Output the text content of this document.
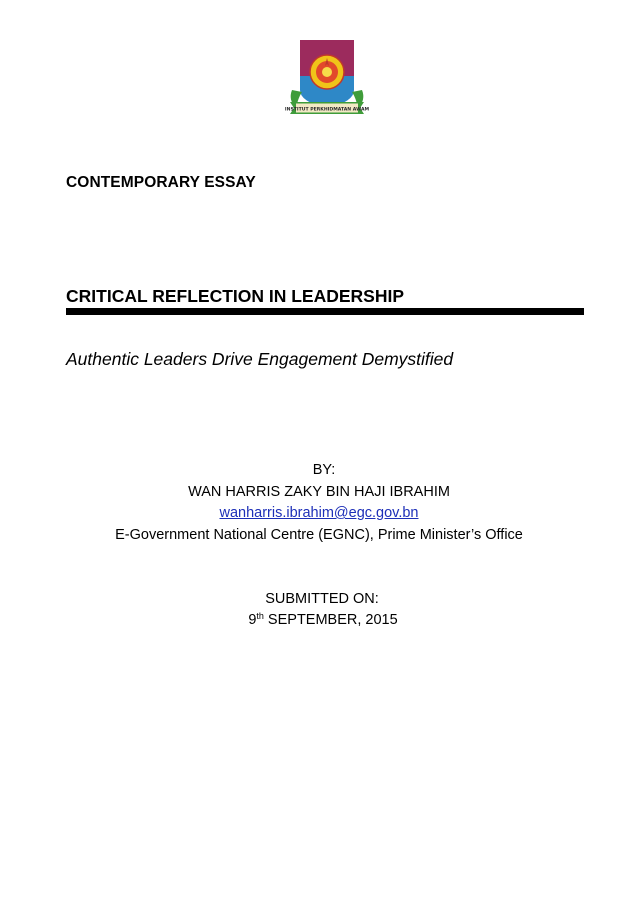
INSTITUT PERKHIDMATAN AWAM
CONTEMPORARY ESSAY
CRITICAL REFLECTION IN LEADERSHIP
Authentic Leaders Drive Engagement Demystified
BY:
WAN HARRIS ZAKY BIN HAJI IBRAHIM
wanharris.ibrahim@egc.gov.bn
E-Government National Centre (EGNC), Prime Minister’s Office
SUBMITTED ON:
9th SEPTEMBER, 2015
